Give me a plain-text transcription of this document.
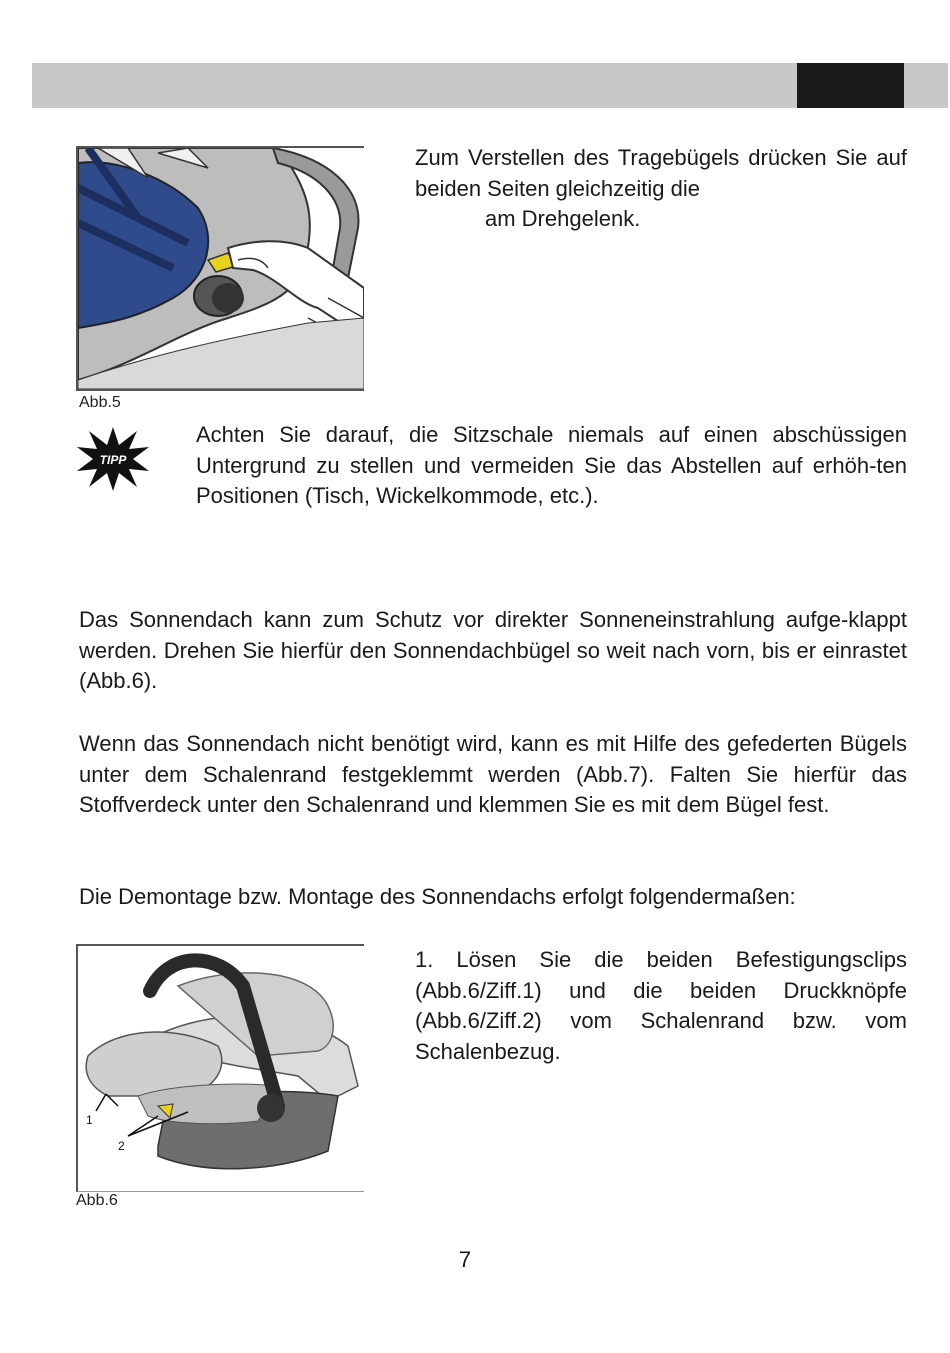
Abb.5
Zum Verstellen des Tragebügels drücken Sie auf beiden Seiten gleichzeitig die
am Drehgelenk.
TIPP
Achten Sie darauf, die Sitzschale niemals auf einen abschüssigen Untergrund zu stellen und vermeiden Sie das Abstellen auf erhöh-ten Positionen (Tisch, Wickelkommode, etc.).
Das Sonnendach kann zum Schutz vor direkter Sonneneinstrahlung aufge-klappt werden. Drehen Sie hierfür den Sonnendachbügel so weit nach vorn, bis er einrastet (Abb.6).
Wenn das Sonnendach nicht benötigt wird, kann es mit Hilfe des gefederten Bügels unter dem Schalenrand festgeklemmt werden (Abb.7). Falten Sie hierfür das Stoffverdeck unter den Schalenrand und klemmen Sie es mit dem Bügel fest.
Die Demontage bzw. Montage des Sonnendachs erfolgt folgendermaßen:
1
2
Abb.6
1. Lösen Sie die beiden Befestigungsclips (Abb.6/Ziff.1) und die beiden Druckknöpfe (Abb.6/Ziff.2) vom Schalenrand bzw. vom Schalenbezug.
7
